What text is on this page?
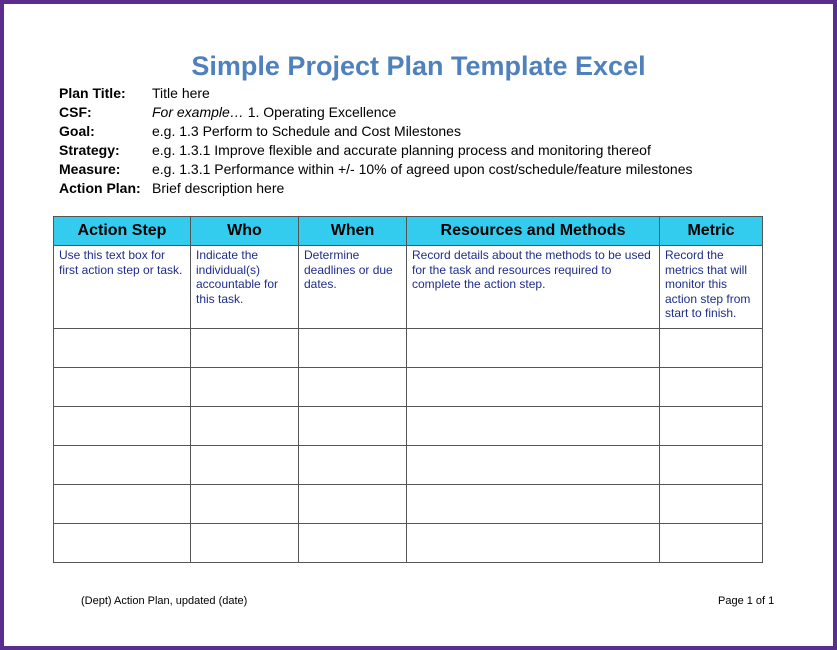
Simple Project Plan Template Excel
Plan Title: Title here
CSF:	For example… 1. Operating Excellence
Goal:	e.g. 1.3 Perform to Schedule and Cost Milestones
Strategy: e.g. 1.3.1 Improve flexible and accurate planning process and monitoring thereof
Measure: e.g. 1.3.1 Performance within +/- 10% of agreed upon cost/schedule/feature milestones
Action Plan: Brief description here
Action Step	Who	When	Resources and Methods	Metric
Use this text box for first action step or task.	Indicate the individual(s) accountable for this task.	Determine deadlines or due dates.	Record details about the methods to be used for the task and resources required to complete the action step.	Record the metrics that will monitor this action step from start to finish.

(Dept) Action Plan, updated (date)	Page 1 of 1
